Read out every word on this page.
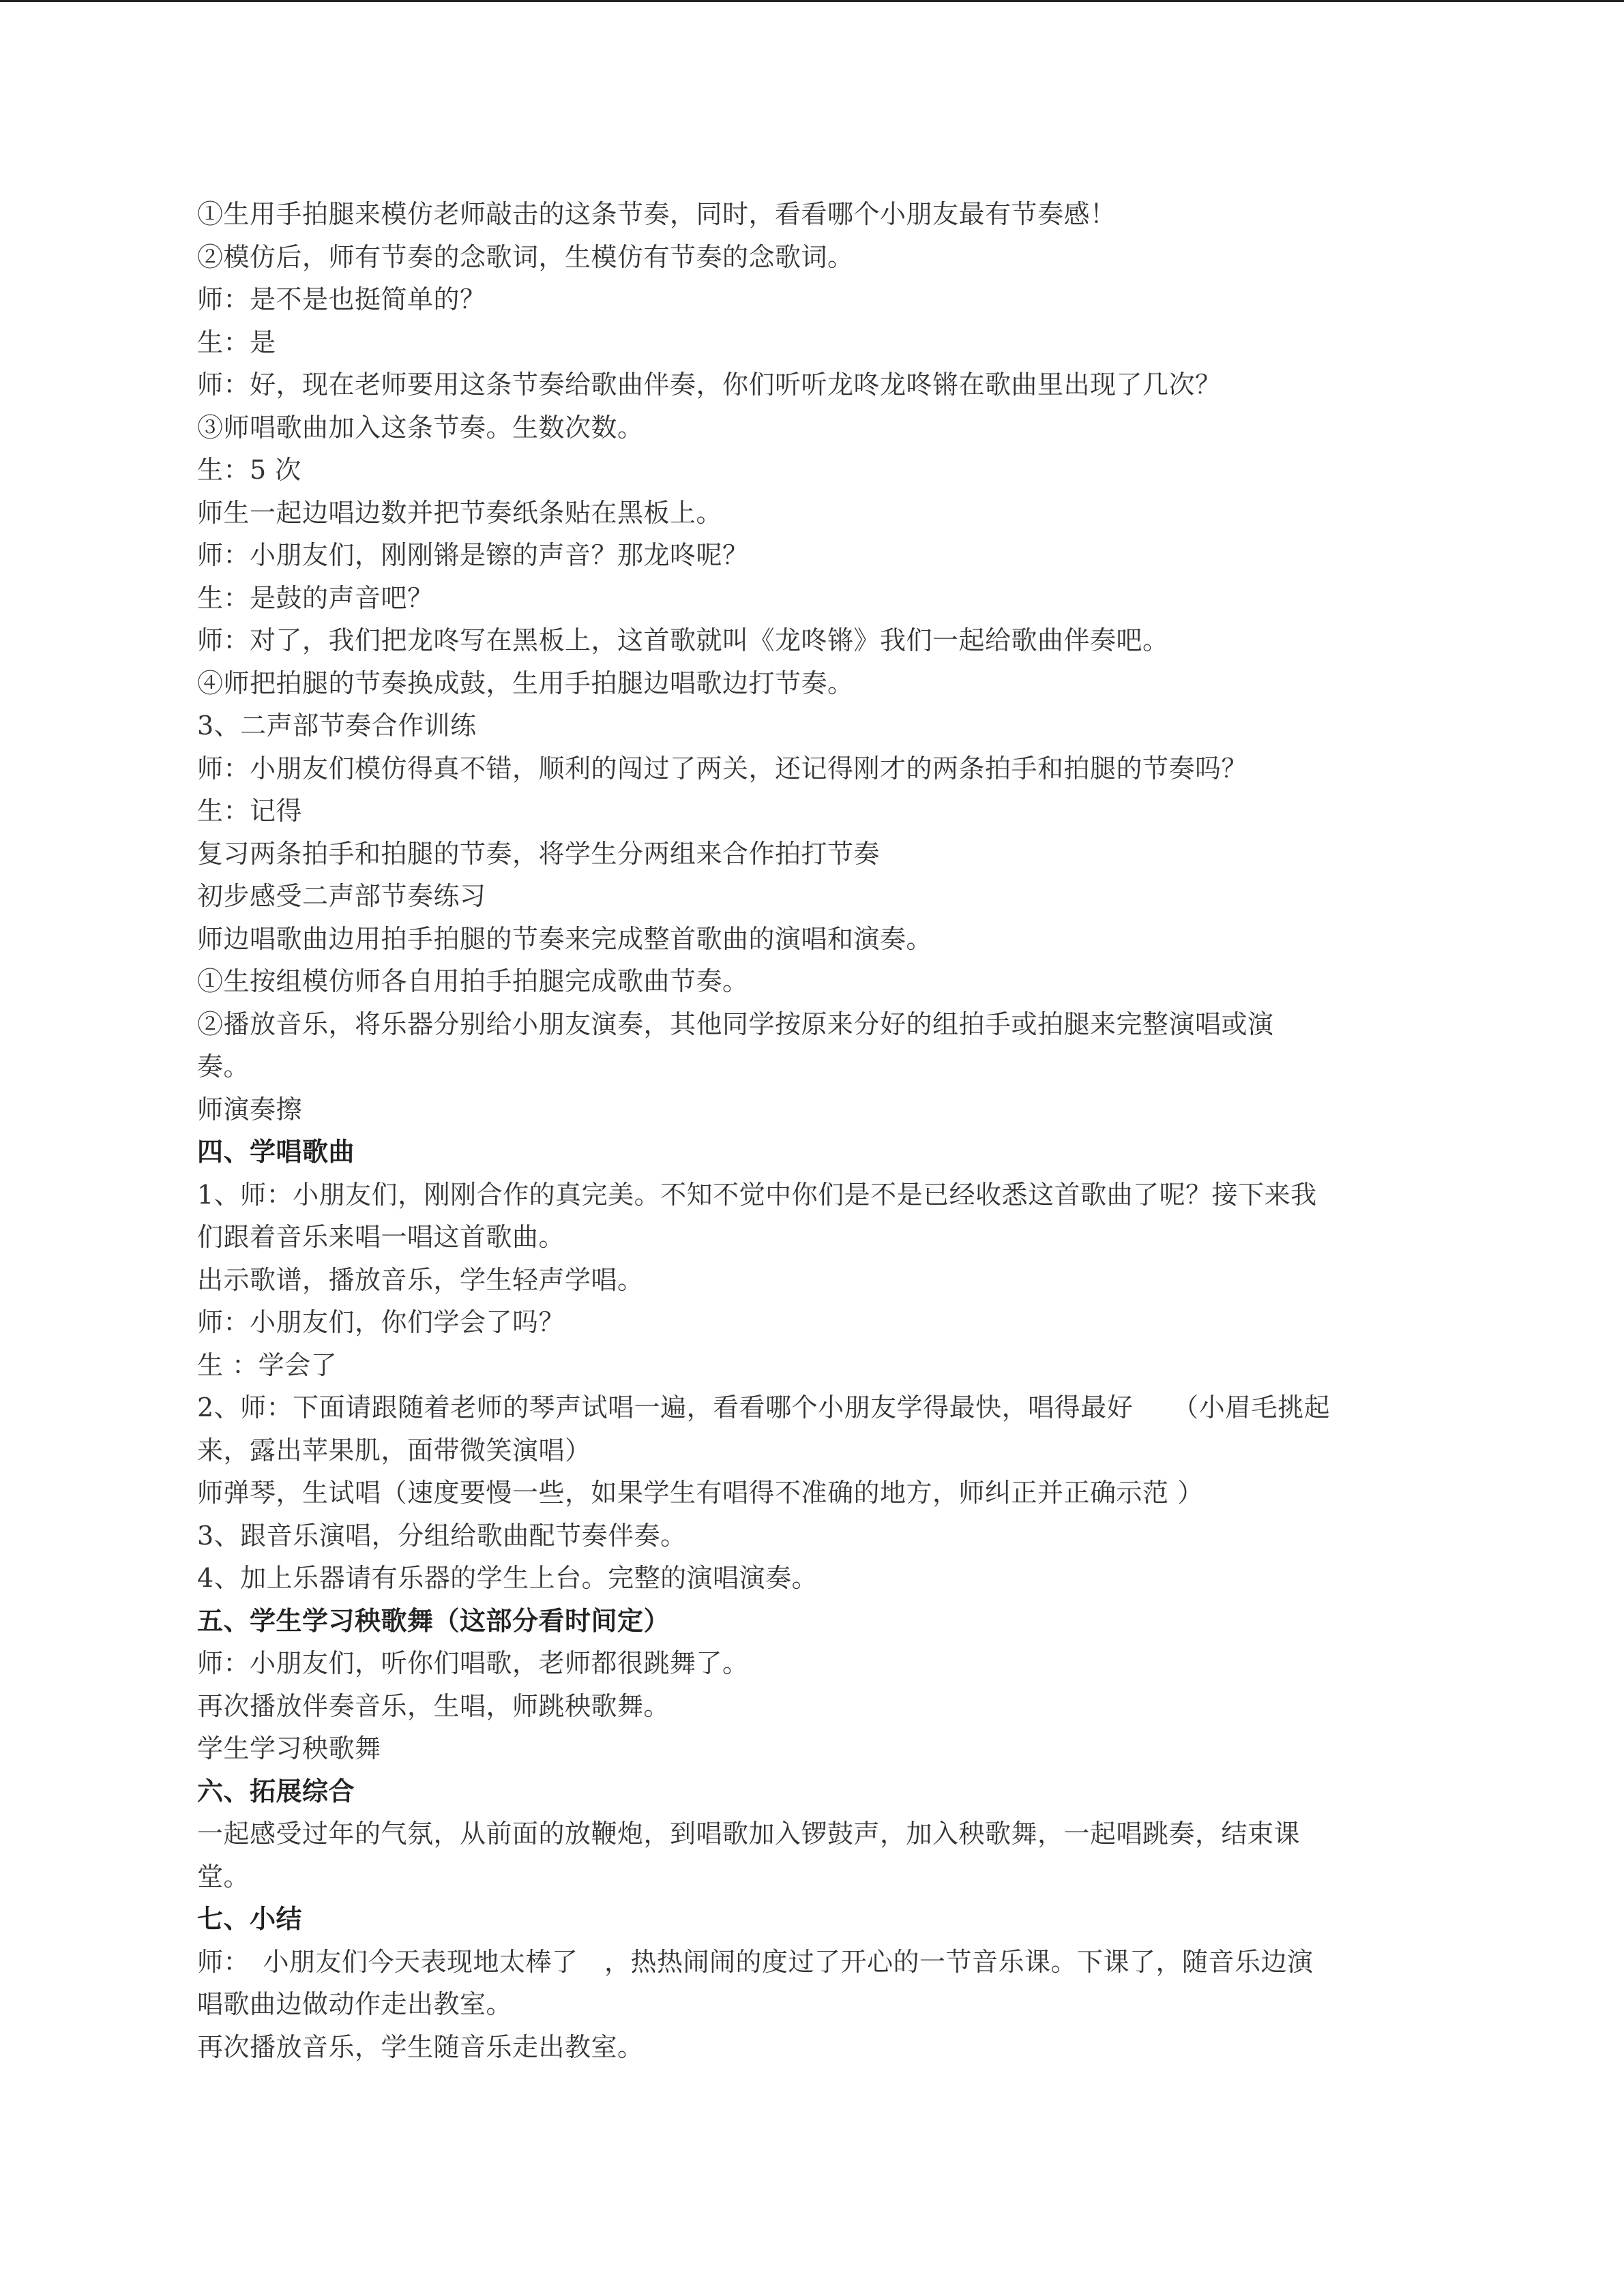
①生用手拍腿来模仿老师敲击的这条节奏，同时，看看哪个小朋友最有节奏感！
②模仿后，师有节奏的念歌词，生模仿有节奏的念歌词。
师：是不是也挺简单的？
生：是
师：好，现在老师要用这条节奏给歌曲伴奏，你们听听龙咚龙咚锵在歌曲里出现了几次？
③师唱歌曲加入这条节奏。生数次数。
生：5 次
师生一起边唱边数并把节奏纸条贴在黑板上。
师：小朋友们，刚刚锵是镲的声音？那龙咚呢？
生：是鼓的声音吧？
师：对了，我们把龙咚写在黑板上，这首歌就叫《龙咚锵》我们一起给歌曲伴奏吧。
④师把拍腿的节奏换成鼓，生用手拍腿边唱歌边打节奏。
3、二声部节奏合作训练
师：小朋友们模仿得真不错，顺利的闯过了两关，还记得刚才的两条拍手和拍腿的节奏吗？
生：记得
复习两条拍手和拍腿的节奏，将学生分两组来合作拍打节奏
初步感受二声部节奏练习
师边唱歌曲边用拍手拍腿的节奏来完成整首歌曲的演唱和演奏。
①生按组模仿师各自用拍手拍腿完成歌曲节奏。
②播放音乐，将乐器分别给小朋友演奏，其他同学按原来分好的组拍手或拍腿来完整演唱或演
奏。
师演奏擦
四、学唱歌曲
1、师：小朋友们，刚刚合作的真完美。不知不觉中你们是不是已经收悉这首歌曲了呢？接下来我
们跟着音乐来唱一唱这首歌曲。
出示歌谱，播放音乐，学生轻声学唱。
师：小朋友们，你们学会了吗？
生 ：学会了
2、师：下面请跟随着老师的琴声试唱一遍，看看哪个小朋友学得最快，唱得最好　　（小眉毛挑起
来，露出苹果肌，面带微笑演唱）
师弹琴，生试唱（速度要慢一些，如果学生有唱得不准确的地方，师纠正并正确示范 ）
3、跟音乐演唱，分组给歌曲配节奏伴奏。
4、加上乐器请有乐器的学生上台。完整的演唱演奏。
五、学生学习秧歌舞（这部分看时间定）
师：小朋友们，听你们唱歌，老师都很跳舞了。
再次播放伴奏音乐，生唱，师跳秧歌舞。
学生学习秧歌舞
六、拓展综合
一起感受过年的气氛，从前面的放鞭炮，到唱歌加入锣鼓声，加入秧歌舞，一起唱跳奏，结束课
堂。
七、小结
师：　小朋友们今天表现地太棒了　，热热闹闹的度过了开心的一节音乐课。下课了，随音乐边演
唱歌曲边做动作走出教室。
再次播放音乐，学生随音乐走出教室。
